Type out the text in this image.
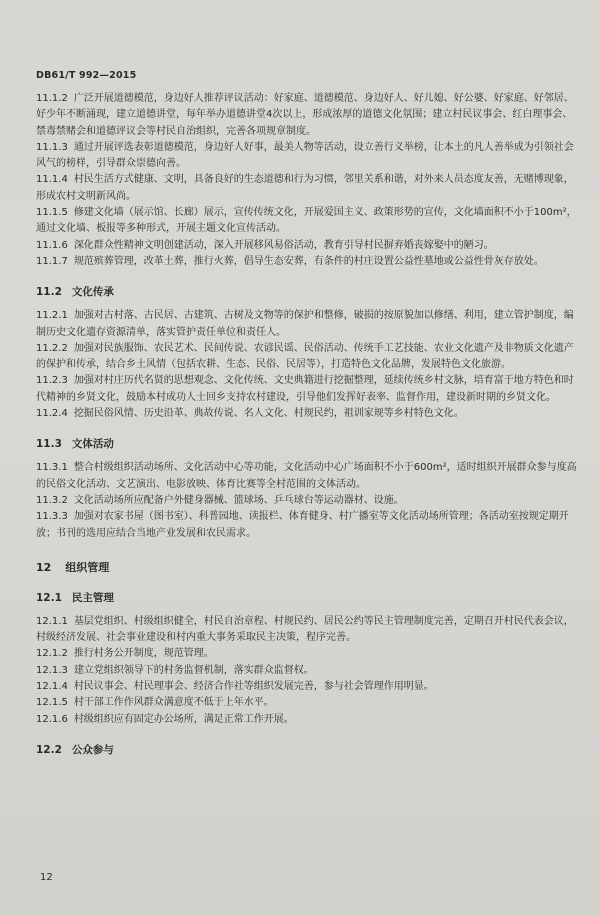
DB61/T 992—2015
11.1.2 广泛开展道德模范，身边好人推荐评议活动：好家庭、道德模范、身边好人、好儿媳、好公婆、好家庭、好邻居、好少年不断涌现，建立道德讲堂，每年举办道德讲堂4次以上，形成浓厚的道德文化氛围；建立村民议事会、红白理事会、禁毒禁赌会和道德评议会等村民自治组织，完善各项规章制度。
11.1.3 通过开展评选表彰道德模范，身边好人好事，最美人物等活动，设立善行义举榜，让本土的凡人善举成为引领社会风气的榜样，引导群众崇德向善。
11.1.4 村民生活方式健康、文明，具备良好的生态道德和行为习惯，邻里关系和谐，对外来人员态度友善，无赌博现象，形成农村文明新风尚。
11.1.5 修建文化墙（展示馆、长廊）展示，宣传传统文化，开展爱国主义、政策形势的宣传，文化墙面积不小于100m²，通过文化墙、板报等多种形式，开展主题文化宣传活动。
11.1.6 深化群众性精神文明创建活动，深入开展移风易俗活动，教育引导村民摒弃婚丧嫁娶中的陋习。
11.1.7 规范殡葬管理，改革土葬，推行火葬，倡导生态安葬，有条件的村庄设置公益性墓地或公益性骨灰存放处。
11.2 文化传承
11.2.1 加强对古村落、古民居、古建筑、古树及文物等的保护和整修，破损的按原貌加以修缮、利用，建立管护制度，编制历史文化遗存资源清单，落实管护责任单位和责任人。
11.2.2 加强对民族服饰、农民艺术、民间传说、农谚民谣、民俗活动、传统手工艺技能、农业文化遗产及非物质文化遗产的保护和传承，结合乡土风情（包括农耕、生态、民俗、民居等），打造特色文化品牌，发展特色文化旅游。
11.2.3 加强对村庄历代名贤的思想观念、文化传统、文史典籍进行挖掘整理，延续传统乡村文脉，培育富于地方特色和时代精神的乡贤文化，鼓励本村成功人士回乡支持农村建设，引导他们发挥好表率、监督作用，建设新时期的乡贤文化。
11.2.4 挖掘民俗风情、历史沿革、典故传说、名人文化、村规民约，祖训家规等乡村特色文化。
11.3 文体活动
11.3.1 整合村级组织活动场所、文化活动中心等功能，文化活动中心广场面积不小于600m²，适时组织开展群众参与度高的民俗文化活动、文艺演出、电影放映、体育比赛等全村范围的文体活动。
11.3.2 文化活动场所应配备户外健身器械、篮球场、乒乓球台等运动器材、设施。
11.3.3 加强对农家书屋（图书室）、科普园地、读报栏、体育健身、村广播室等文化活动场所管理；各活动室按规定期开放；书刊的选用应结合当地产业发展和农民需求。
12 组织管理
12.1 民主管理
12.1.1 基层党组织、村级组织健全，村民自治章程、村规民约、居民公约等民主管理制度完善，定期召开村民代表会议，村级经济发展、社会事业建设和村内重大事务采取民主决策，程序完善。
12.1.2 推行村务公开制度，规范管理。
12.1.3 建立党组织领导下的村务监督机制，落实群众监督权。
12.1.4 村民议事会、村民理事会、经济合作社等组织发展完善，参与社会管理作用明显。
12.1.5 村干部工作作风群众满意度不低于上年水平。
12.1.6 村级组织应有固定办公场所，满足正常工作开展。
12.2 公众参与
12
